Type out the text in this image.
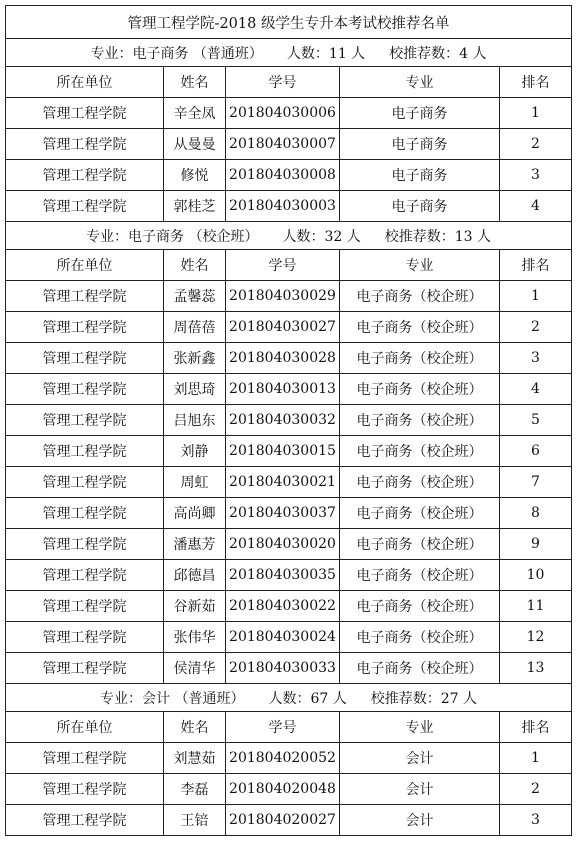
管理工程学院-2018 级学生专升本考试校推荐名单				
专业：电子商务 （普通班） 人数：11 人 校推荐数：4 人				
所在单位	姓名	学号	专业	排名
管理工程学院	辛全凤	201804030006	电子商务	1
管理工程学院	从曼曼	201804030007	电子商务	2
管理工程学院	修悦	201804030008	电子商务	3
管理工程学院	郭桂芝	201804030003	电子商务	4
专业：电子商务 （校企班） 人数：32 人 校推荐数：13 人				
所在单位	姓名	学号	专业	排名
管理工程学院	孟馨蕊	201804030029	电子商务（校企班）	1
管理工程学院	周蓓蓓	201804030027	电子商务（校企班）	2
管理工程学院	张新鑫	201804030028	电子商务（校企班）	3
管理工程学院	刘思琦	201804030013	电子商务（校企班）	4
管理工程学院	吕旭东	201804030032	电子商务（校企班）	5
管理工程学院	刘静	201804030015	电子商务（校企班）	6
管理工程学院	周虹	201804030021	电子商务（校企班）	7
管理工程学院	高尚卿	201804030037	电子商务（校企班）	8
管理工程学院	潘惠芳	201804030020	电子商务（校企班）	9
管理工程学院	邱德昌	201804030035	电子商务（校企班）	10
管理工程学院	谷新茹	201804030022	电子商务（校企班）	11
管理工程学院	张伟华	201804030024	电子商务（校企班）	12
管理工程学院	侯清华	201804030033	电子商务（校企班）	13
专业：会计 （普通班） 人数：67 人 校推荐数：27 人				
所在单位	姓名	学号	专业	排名
管理工程学院	刘慧茹	201804020052	会计	1
管理工程学院	李磊	201804020048	会计	2
管理工程学院	王锫	201804020027	会计	3
